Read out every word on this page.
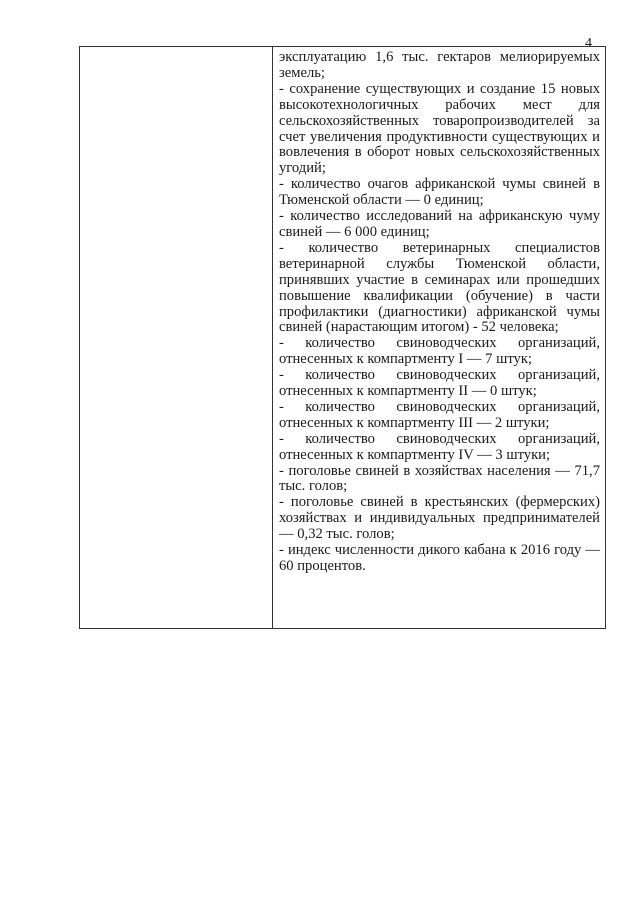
4

эксплуатацию 1,6 тыс. гектаров мелиорируемых земель;

- сохранение существующих и создание 15 новых высокотехнологичных рабочих мест для сельскохозяйственных товаропроизводителей за счет увеличения продуктивности существующих и вовлечения в оборот новых сельскохозяйственных угодий;

- количество очагов африканской чумы свиней в Тюменской области — 0 единиц;

- количество исследований на африканскую чуму свиней — 6 000 единиц;

- количество ветеринарных специалистов ветеринарной службы Тюменской области, принявших участие в семинарах или прошедших повышение квалификации (обучение) в части профилактики (диагностики) африканской чумы свиней (нарастающим итогом) - 52 человека;

- количество свиноводческих организаций, отнесенных к компартменту I — 7 штук;

- количество свиноводческих организаций, отнесенных к компартменту II — 0 штук;

- количество свиноводческих организаций, отнесенных к компартменту III — 2 штуки;

- количество свиноводческих организаций, отнесенных к компартменту IV — 3 штуки;

- поголовье свиней в хозяйствах населения — 71,7 тыс. голов;

- поголовье свиней в крестьянских (фермерских) хозяйствах и индивидуальных предпринимателей — 0,32 тыс. голов;

- индекс численности дикого кабана к 2016 году — 60 процентов.
